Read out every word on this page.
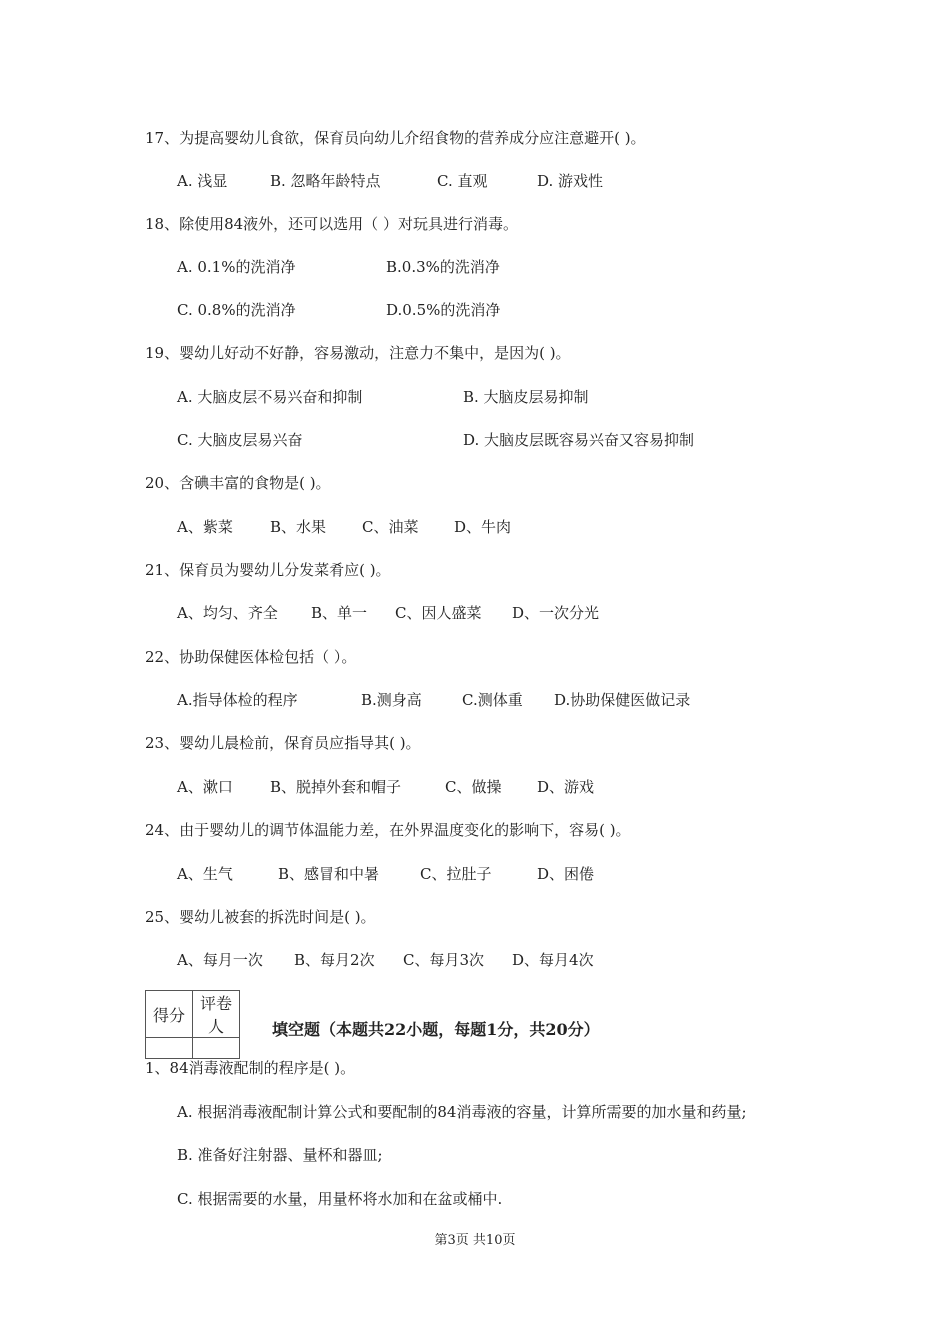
17、为提高婴幼儿食欲，保育员向幼儿介绍食物的营养成分应注意避开( )。
A. 浅显	B. 忽略年龄特点	C. 直观	D. 游戏性
18、除使用84液外，还可以选用（ ）对玩具进行消毒。
A. 0.1%的洗消净	B.0.3%的洗消净
C. 0.8%的洗消净	D.0.5%的洗消净
19、婴幼儿好动不好静，容易激动，注意力不集中，是因为( )。
A. 大脑皮层不易兴奋和抑制	B. 大脑皮层易抑制
C. 大脑皮层易兴奋	D. 大脑皮层既容易兴奋又容易抑制
20、含碘丰富的食物是( )。
A、紫菜 B、水果 C、油菜 D、牛肉
21、保育员为婴幼儿分发菜肴应( )。
A、均匀、齐全 B、单一 C、因人盛菜 D、一次分光
22、协助保健医体检包括（ ）。
A.指导体检的程序	B.测身高	C.测体重 D.协助保健医做记录
23、婴幼儿晨检前，保育员应指导其( )。
A、漱口 B、脱掉外套和帽子	C、做操 D、游戏
24、由于婴幼儿的调节体温能力差，在外界温度变化的影响下，容易( )。
A、生气	B、感冒和中暑	C、拉肚子	D、困倦
25、婴幼儿被套的拆洗时间是( )。
A、每月一次 B、每月2次 C、每月3次 D、每月4次
得分	评卷人
		填空题（本题共22小题，每题1分，共20分）
1、84消毒液配制的程序是( )。
A. 根据消毒液配制计算公式和要配制的84消毒液的容量，计算所需要的加水量和药量;
B. 准备好注射器、量杯和器皿;
C. 根据需要的水量，用量杯将水加和在盆或桶中.
第3页 共10页
